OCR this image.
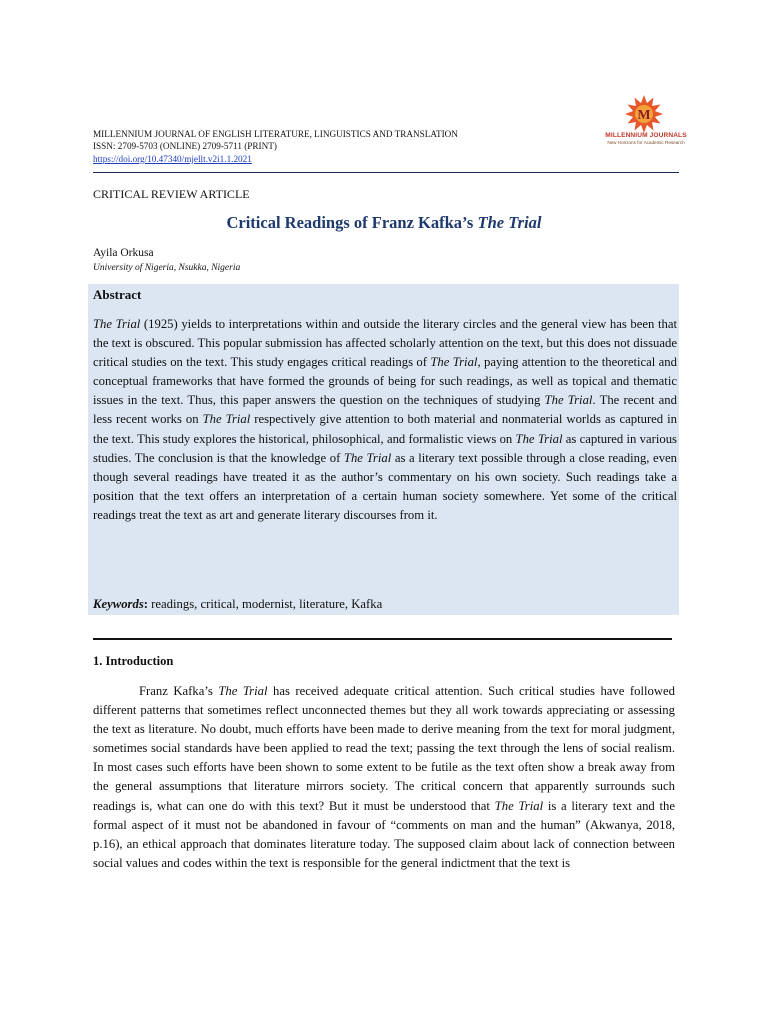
MILLENNIUM JOURNAL OF ENGLISH LITERATURE, LINGUISTICS AND TRANSLATION
ISSN: 2709-5703 (ONLINE) 2709-5711 (PRINT)
https://doi.org/10.47340/mjellt.v2i1.1.2021
M
MILLENNIUM JOURNALS
New Horizons for Academic Research
CRITICAL REVIEW ARTICLE
Critical Readings of Franz Kafka’s The Trial
Ayila Orkusa
University of Nigeria, Nsukka, Nigeria
Abstract
The Trial (1925) yields to interpretations within and outside the literary circles and the general view has been that the text is obscured. This popular submission has affected scholarly attention on the text, but this does not dissuade critical studies on the text. This study engages critical readings of The Trial, paying attention to the theoretical and conceptual frameworks that have formed the grounds of being for such readings, as well as topical and thematic issues in the text. Thus, this paper answers the question on the techniques of studying The Trial. The recent and less recent works on The Trial respectively give attention to both material and nonmaterial worlds as captured in the text. This study explores the historical, philosophical, and formalistic views on The Trial as captured in various studies. The conclusion is that the knowledge of The Trial as a literary text possible through a close reading, even though several readings have treated it as the author’s commentary on his own society. Such readings take a position that the text offers an interpretation of a certain human society somewhere. Yet some of the critical readings treat the text as art and generate literary discourses from it.
Keywords: readings, critical, modernist, literature, Kafka
1. Introduction
Franz Kafka’s The Trial has received adequate critical attention. Such critical studies have followed different patterns that sometimes reflect unconnected themes but they all work towards appreciating or assessing the text as literature. No doubt, much efforts have been made to derive meaning from the text for moral judgment, sometimes social standards have been applied to read the text; passing the text through the lens of social realism. In most cases such efforts have been shown to some extent to be futile as the text often show a break away from the general assumptions that literature mirrors society. The critical concern that apparently surrounds such readings is, what can one do with this text? But it must be understood that The Trial is a literary text and the formal aspect of it must not be abandoned in favour of “comments on man and the human” (Akwanya, 2018, p.16), an ethical approach that dominates literature today. The supposed claim about lack of connection between social values and codes within the text is responsible for the general indictment that the text is
